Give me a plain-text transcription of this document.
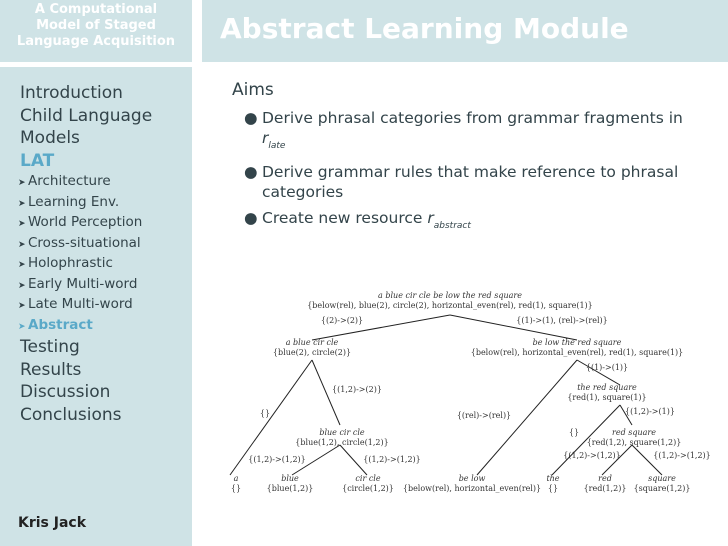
A Computational
Model of Staged
Language Acquisition
Introduction
Child Language
Models
LAT
➤ Architecture
➤ Learning Env.
➤ World Perception
➤ Cross-situational
➤ Holophrastic
➤ Early Multi-word
➤ Late Multi-word
➤ Abstract
Testing
Results
Discussion
Conclusions
Kris Jack
Abstract Learning Module
Aims
● Derive phrasal categories from grammar fragments in
$r_{late}$
● Derive grammar rules that make reference to phrasal categories
● Create new resource $r_{abstract}$
a blue cir cle be low the red square
{below(rel), blue(2), circle(2), horizontal_even(rel), red(1), square(1)}
{(2)->(2)}	{(1)->(1), (rel)->(rel)}
a blue cir cle
{blue(2), circle(2)}
be low the red square
{below(rel), horizontal_even(rel), red(1), square(1)}
{(1)->(1)}
{(1,2)->(2)}	the red square
{red(1), square(1)}
{(1,2)->(1)}
{}	{(rel)->(rel)}
blue cir cle
{blue(1,2), circle(1,2)}
{}	red square
{red(1,2), square(1,2)}
{(1,2)->(1,2)}	{(1,2)->(1,2)}	{(1,2)->(1,2)}	{(1,2)->(1,2)}
a
{}
blue
{blue(1,2)}
cir cle
{circle(1,2)}
be low
{below(rel), horizontal_even(rel)}
the
{}
red
{red(1,2)}
square
{square(1,2)}
